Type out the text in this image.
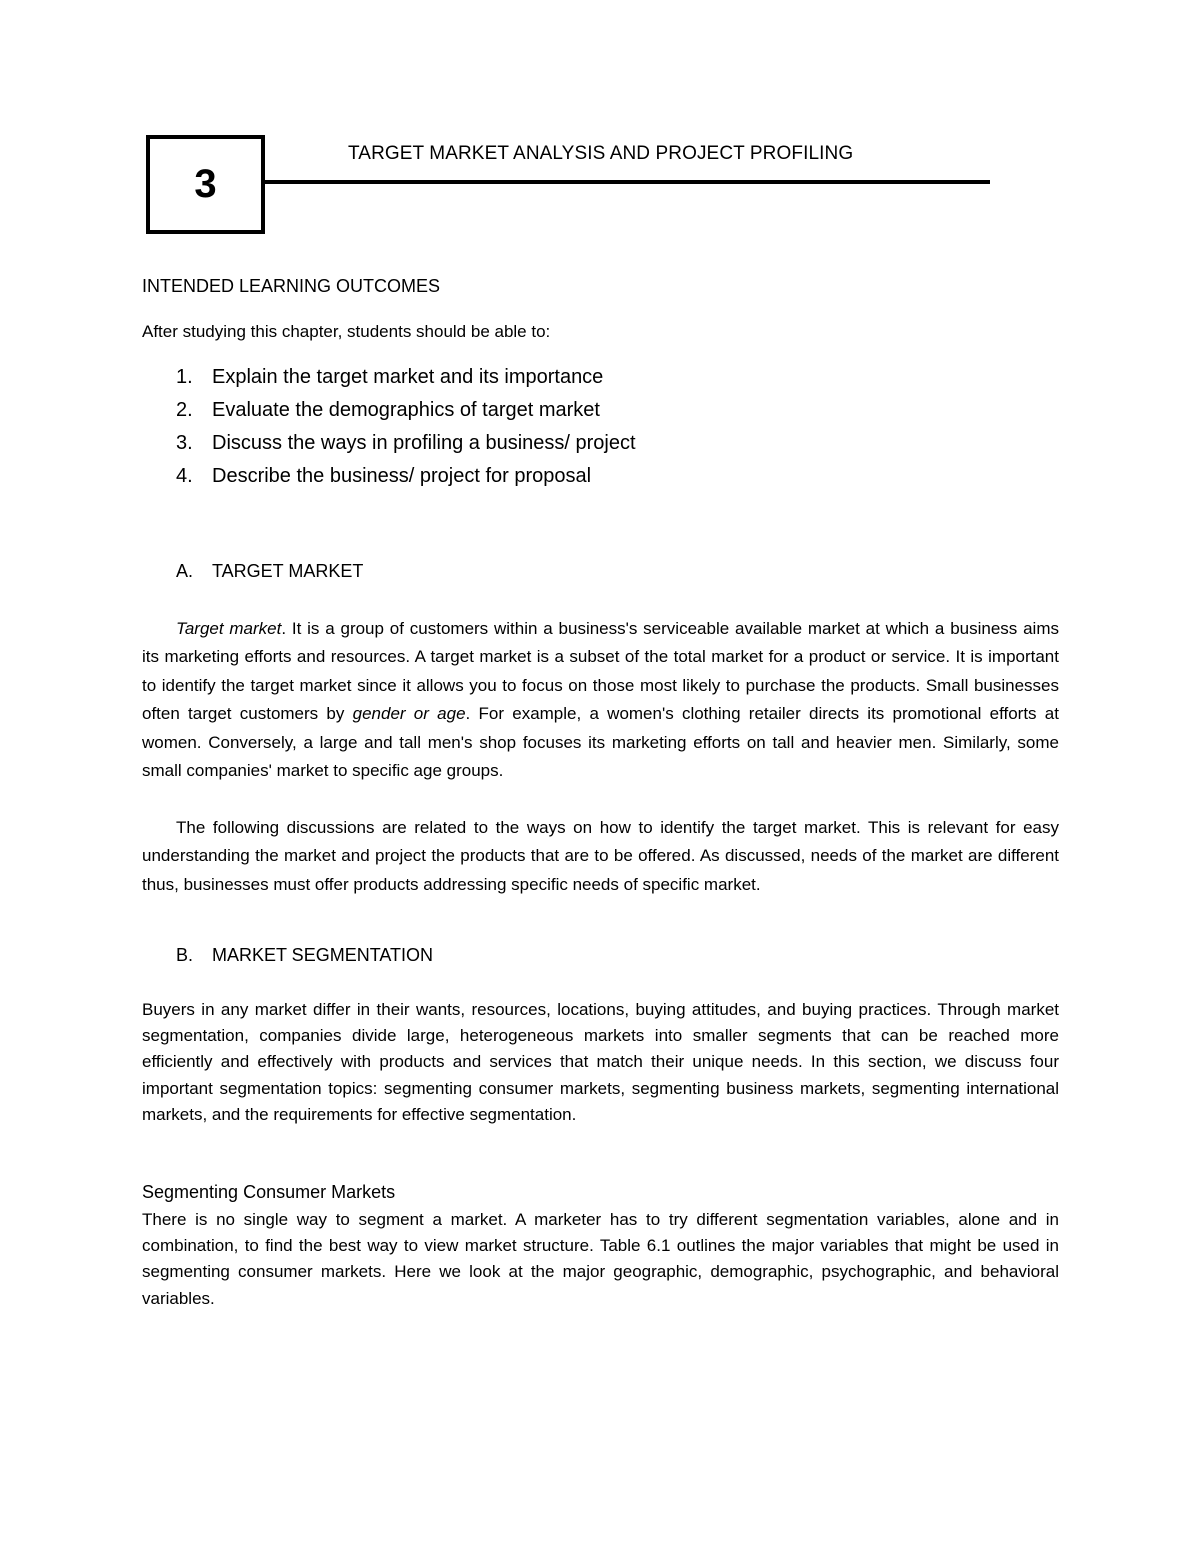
3
TARGET MARKET ANALYSIS AND PROJECT PROFILING
INTENDED LEARNING OUTCOMES
After studying this chapter, students should be able to:
1. Explain the target market and its importance
2. Evaluate the demographics of target market
3. Discuss the ways in profiling a business/ project
4. Describe the business/ project for proposal
A.	TARGET MARKET

Target market. It is a group of customers within a business's serviceable available market at which a business aims its marketing efforts and resources. A target market is a subset of the total market for a product or service. It is important to identify the target market since it allows you to focus on those most likely to purchase the products. Small businesses often target customers by gender or age. For example, a women's clothing retailer directs its promotional efforts at women. Conversely, a large and tall men's shop focuses its marketing efforts on tall and heavier men. Similarly, some small companies' market to specific age groups.

The following discussions are related to the ways on how to identify the target market. This is relevant for easy understanding the market and project the products that are to be offered. As discussed, needs of the market are different thus, businesses must offer products addressing specific needs of specific market.

B.	MARKET SEGMENTATION

Buyers in any market differ in their wants, resources, locations, buying attitudes, and buying practices. Through market segmentation, companies divide large, heterogeneous markets into smaller segments that can be reached more efficiently and effectively with products and services that match their unique needs. In this section, we discuss four important segmentation topics: segmenting consumer markets, segmenting business markets, segmenting international markets, and the requirements for effective segmentation.

Segmenting Consumer Markets

There is no single way to segment a market. A marketer has to try different segmentation variables, alone and in combination, to find the best way to view market structure. Table 6.1 outlines the major variables that might be used in segmenting consumer markets. Here we look at the major geographic, demographic, psychographic, and behavioral variables.
